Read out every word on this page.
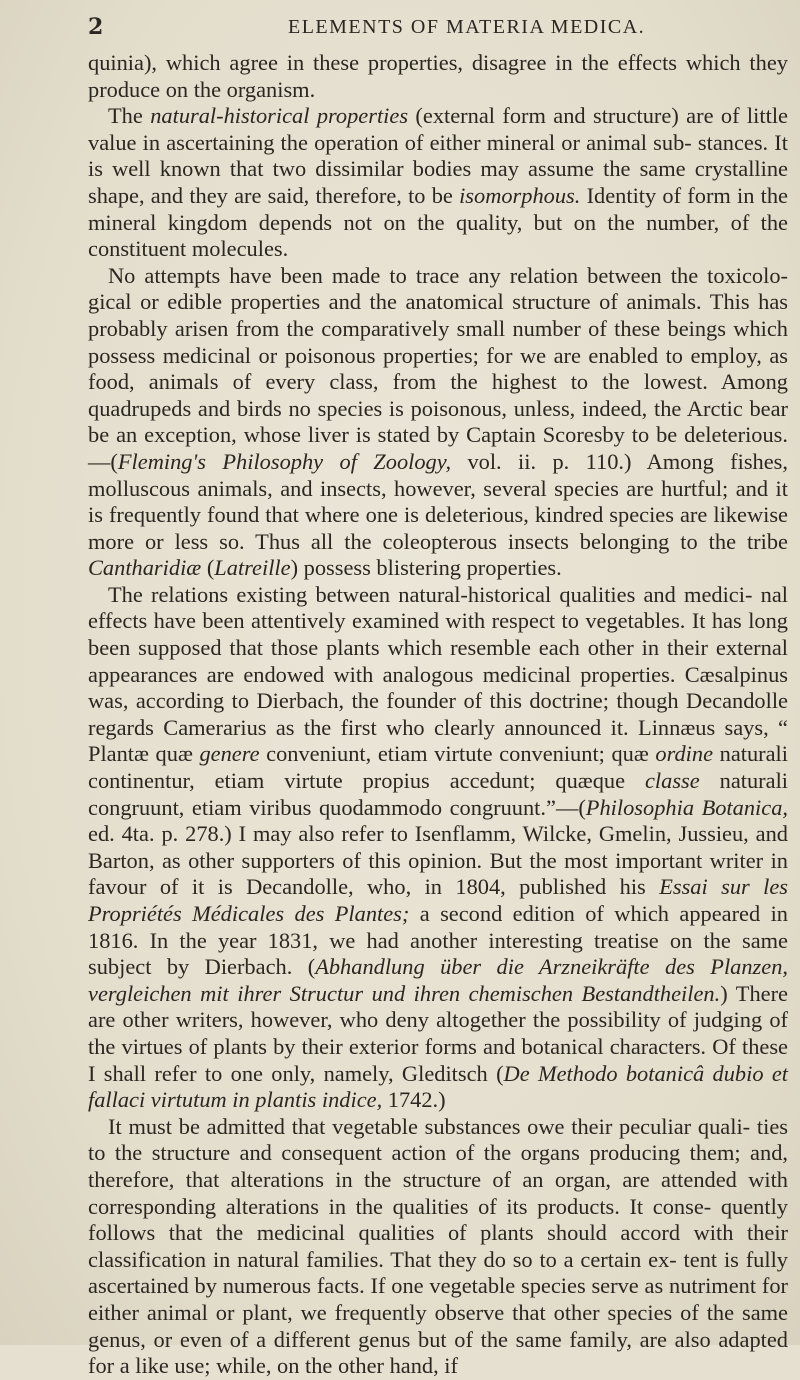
2	ELEMENTS OF MATERIA MEDICA.

quinia), which agree in these properties, disagree in the effects which they produce on the organism.

The natural-historical properties (external form and structure) are of little value in ascertaining the operation of either mineral or animal sub- stances. It is well known that two dissimilar bodies may assume the same crystalline shape, and they are said, therefore, to be isomorphous. Identity of form in the mineral kingdom depends not on the quality, but on the number, of the constituent molecules.

No attempts have been made to trace any relation between the toxicolo- gical or edible properties and the anatomical structure of animals. This has probably arisen from the comparatively small number of these beings which possess medicinal or poisonous properties; for we are enabled to employ, as food, animals of every class, from the highest to the lowest. Among quadrupeds and birds no species is poisonous, unless, indeed, the Arctic bear be an exception, whose liver is stated by Captain Scoresby to be deleterious.—(Fleming's Philosophy of Zoology, vol. ii. p. 110.) Among fishes, molluscous animals, and insects, however, several species are hurtful; and it is frequently found that where one is deleterious, kindred species are likewise more or less so. Thus all the coleopterous insects belonging to the tribe Cantharidiæ (Latreille) possess blistering properties.

The relations existing between natural-historical qualities and medici- nal effects have been attentively examined with respect to vegetables. It has long been supposed that those plants which resemble each other in their external appearances are endowed with analogous medicinal properties. Cæsalpinus was, according to Dierbach, the founder of this doctrine; though Decandolle regards Camerarius as the first who clearly announced it. Linnæus says, “ Plantæ quæ genere conveniunt, etiam virtute conveniunt; quæ ordine naturali continentur, etiam virtute propius accedunt; quæque classe naturali congruunt, etiam viribus quodammodo congruunt.”—(Philosophia Botanica, ed. 4ta. p. 278.) I may also refer to Isenflamm, Wilcke, Gmelin, Jussieu, and Barton, as other supporters of this opinion. But the most important writer in favour of it is Decandolle, who, in 1804, published his Essai sur les Propriétés Médicales des Plantes; a second edition of which appeared in 1816. In the year 1831, we had another interesting treatise on the same subject by Dierbach. (Abhandlung über die Arzneikräfte des Planzen, vergleichen mit ihrer Structur und ihren chemischen Bestandtheilen.) There are other writers, however, who deny altogether the possibility of judging of the virtues of plants by their exterior forms and botanical characters. Of these I shall refer to one only, namely, Gleditsch (De Methodo botanicâ dubio et fallaci virtutum in plantis indice, 1742.)

It must be admitted that vegetable substances owe their peculiar quali- ties to the structure and consequent action of the organs producing them; and, therefore, that alterations in the structure of an organ, are attended with corresponding alterations in the qualities of its products. It conse- quently follows that the medicinal qualities of plants should accord with their classification in natural families. That they do so to a certain ex- tent is fully ascertained by numerous facts. If one vegetable species serve as nutriment for either animal or plant, we frequently observe that other species of the same genus, or even of a different genus but of the same family, are also adapted for a like use; while, on the other hand, if
